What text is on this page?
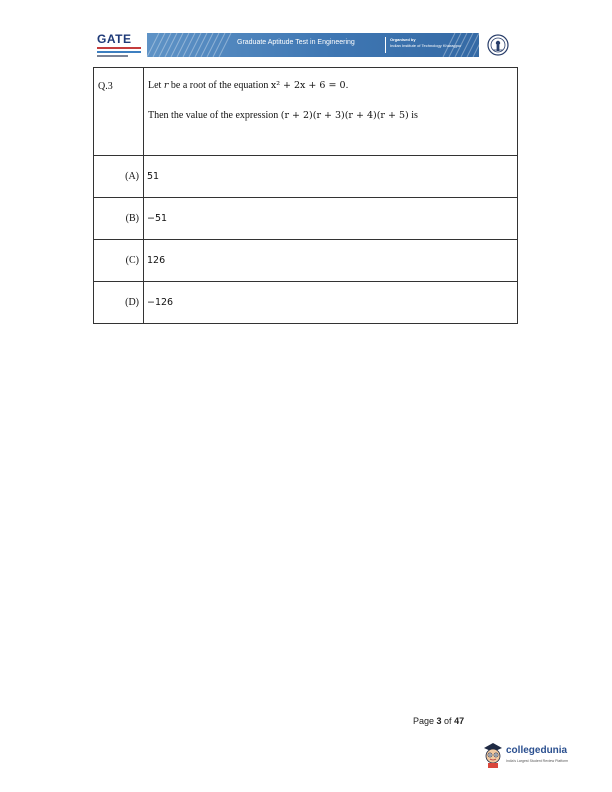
GATE	Graduate Aptitude Test in Engineering	Organised by
Indian Institute of Technology Kharagpur
Q.3	Let r be a root of the equation x² + 2x + 6 = 0.
Then the value of the expression (r + 2)(r + 3)(r + 4)(r + 5) is

(A)	51
(B)	−51
(C)	126
(D)	−126
Page 3 of 47
collegedunia
India's Largest Student Review Platform
